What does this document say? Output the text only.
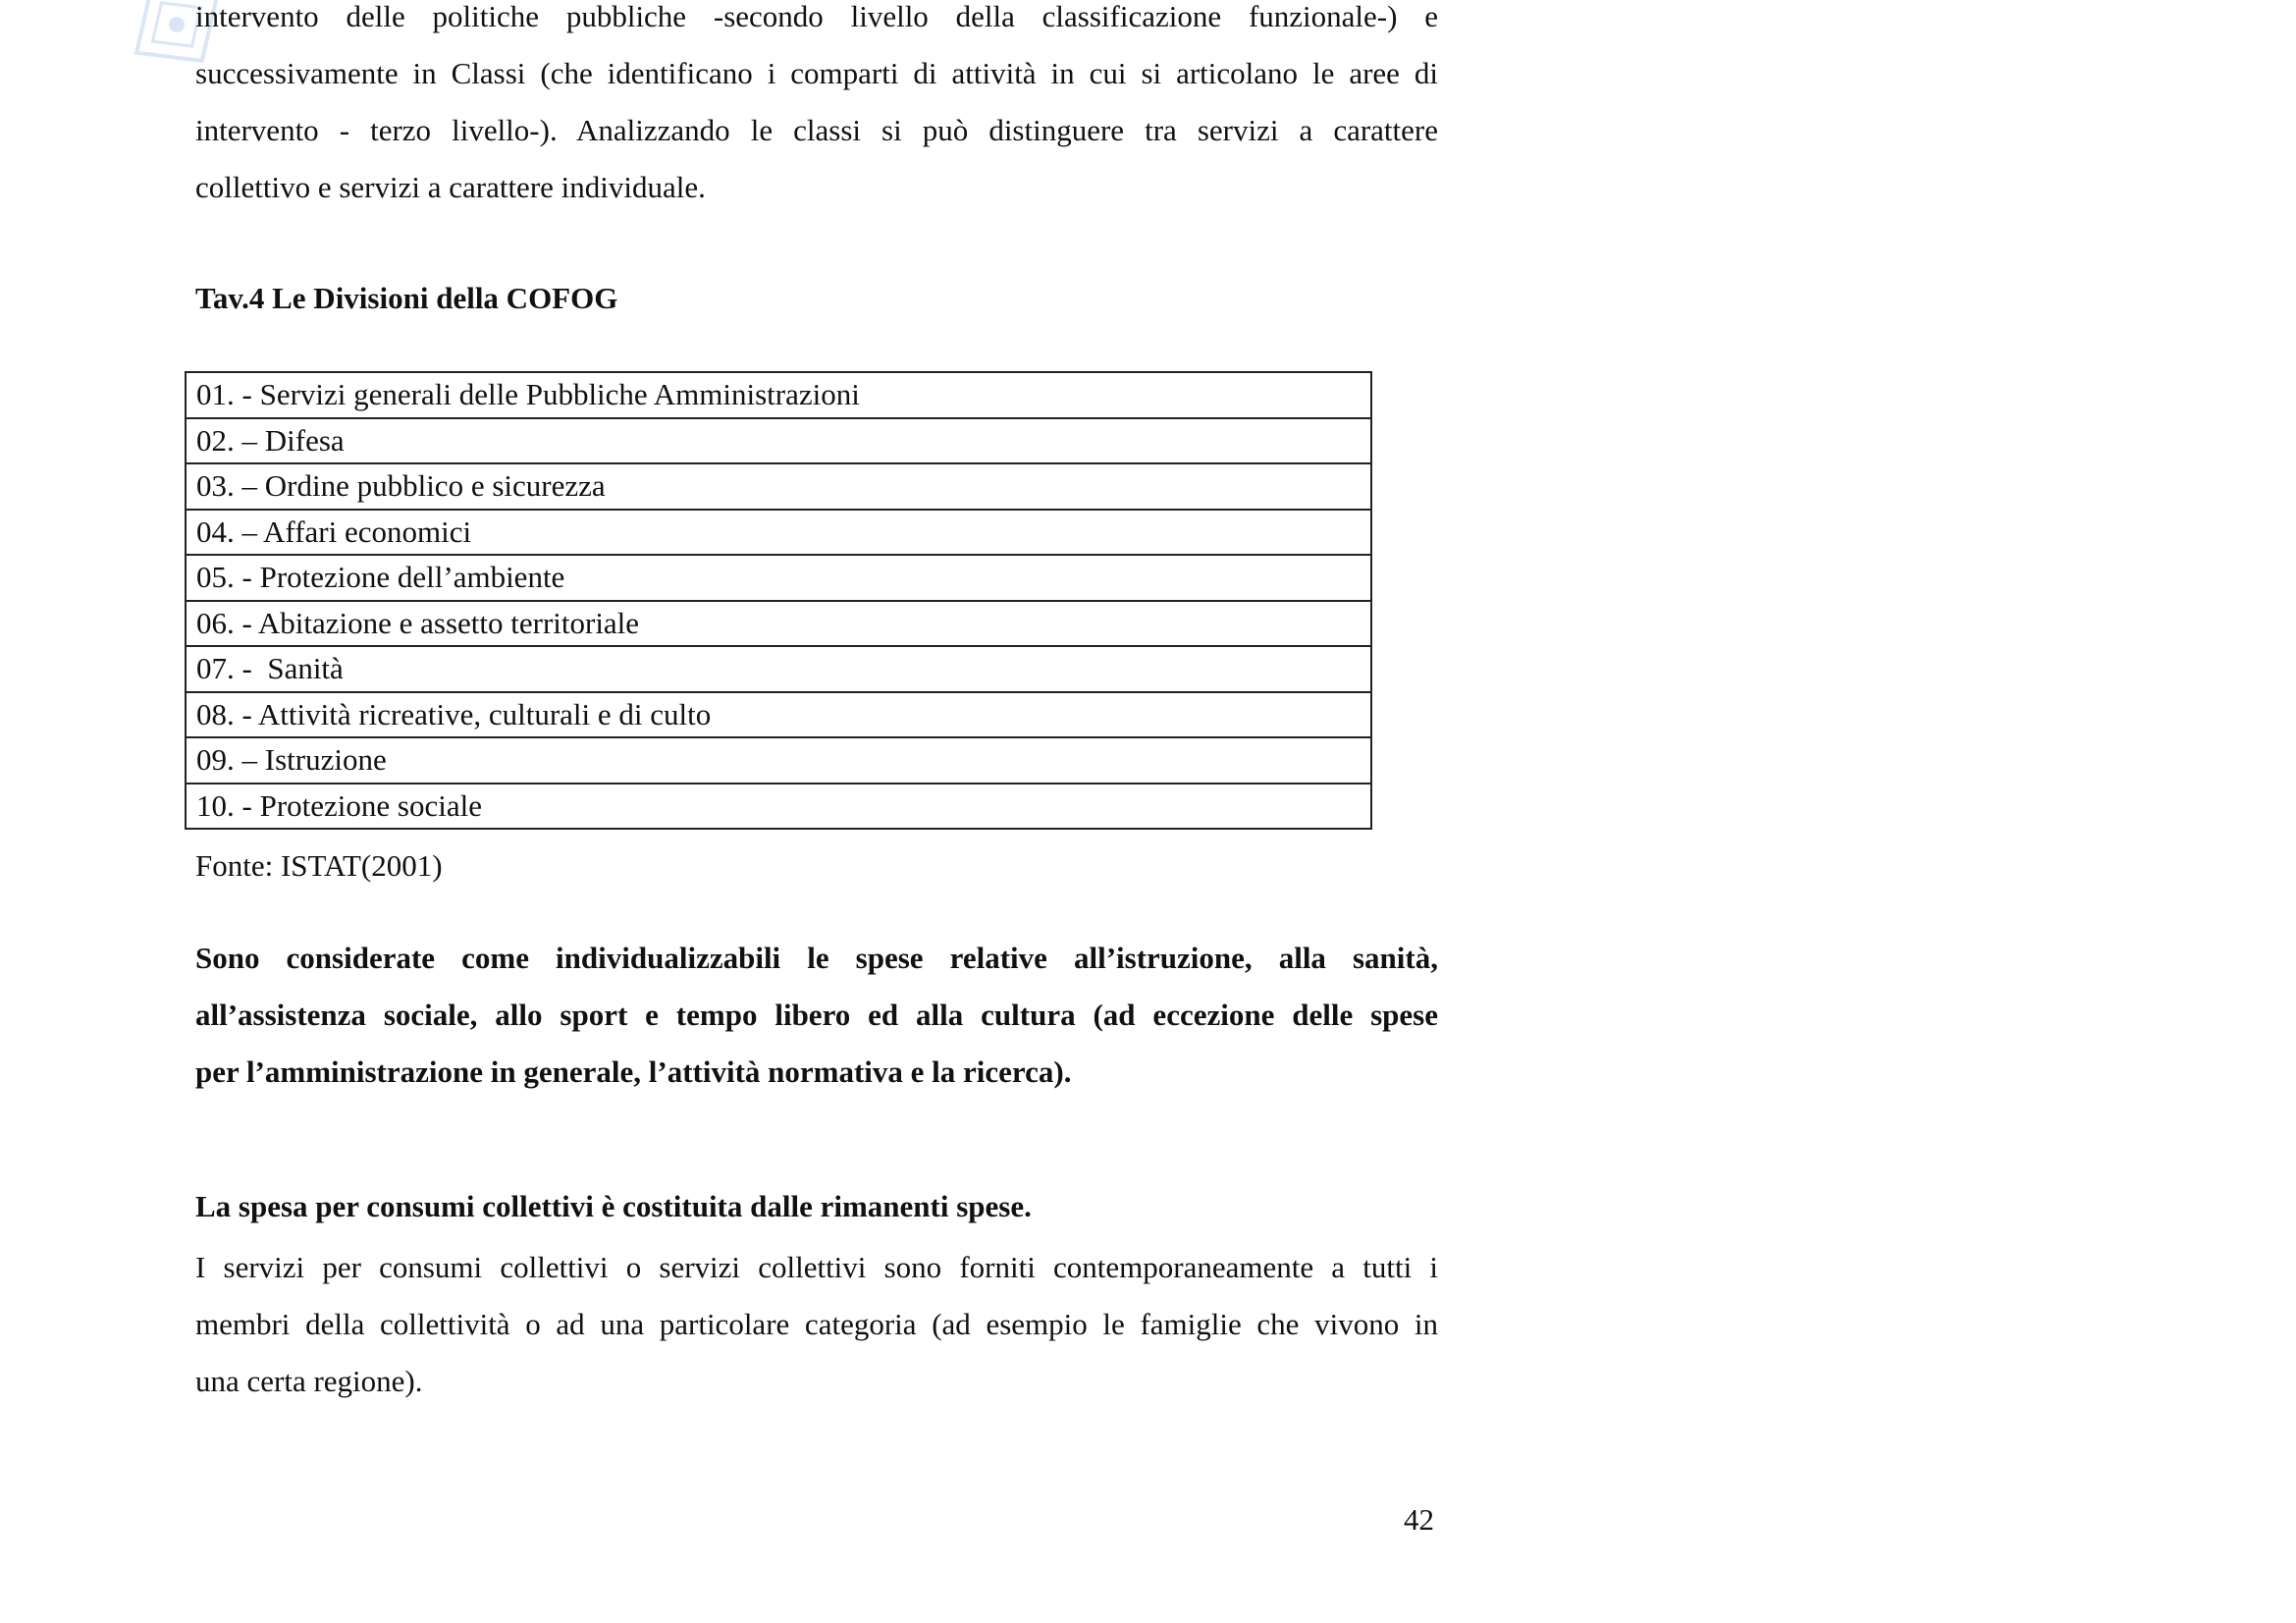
intervento delle politiche pubbliche -secondo livello della classificazione funzionale-) e
successivamente in Classi (che identificano i comparti di attività in cui si articolano le aree di
intervento - terzo livello-). Analizzando le classi si può distinguere tra servizi a carattere
collettivo e servizi a carattere individuale.

Tav.4 Le Divisioni della COFOG

01. - Servizi generali delle Pubbliche Amministrazioni
02. – Difesa
03. – Ordine pubblico e sicurezza
04. – Affari economici
05. - Protezione dell’ambiente
06. - Abitazione e assetto territoriale
07. -  Sanità
08. - Attività ricreative, culturali e di culto
09. – Istruzione
10. - Protezione sociale

Fonte: ISTAT(2001)

Sono considerate come individualizzabili le spese relative all’istruzione, alla sanità,
all’assistenza sociale, allo sport e tempo libero ed alla cultura (ad eccezione delle spese
per l’amministrazione in generale, l’attività normativa e la ricerca).
La spesa per consumi collettivi è costituita dalle rimanenti spese.
I servizi per consumi collettivi o servizi collettivi sono forniti contemporaneamente a tutti i
membri della collettività o ad una particolare categoria (ad esempio le famiglie che vivono in
una certa regione).

42
